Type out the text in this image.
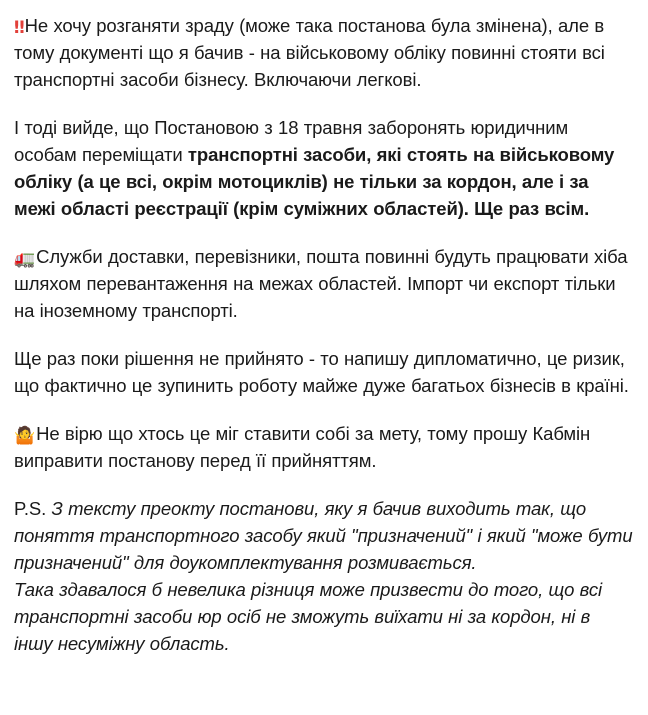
‼Не хочу розганяти зраду (може така постанова була змінена), але в тому документі що я бачив - на військовому обліку повинні стояти всі транспортні засоби бізнесу. Включаючи легкові.

І тоді вийде, що Постановою з 18 травня заборонять юридичним особам переміщати транспортні засоби, які стоять на військовому обліку (а це всі, окрім мотоциклів) не тільки за кордон, але і за межі області реєстрації (крім суміжних областей). Ще раз всім.

🚛Служби доставки, перевізники, пошта повинні будуть працювати хіба шляхом перевантаження на межах областей. Імпорт чи експорт тільки на іноземному транспорті.

Ще раз поки рішення не прийнято - то напишу дипломатично, це ризик, що фактично це зупинить роботу майже дуже багатьох бізнесів в країні.

🤷Не вірю що хтось це міг ставити собі за мету, тому прошу Кабмін виправити постанову перед її прийняттям.

P.S. З тексту преокту постанови, яку я бачив виходить так, що поняття транспортного засобу який "призначений" і який "може бути призначений" для доукомплектування розмивається.
Така здавалося б невелика різниця може призвести до того, що всі транспортні засоби юр осіб не зможуть виїхати ні за кордон, ні в іншу несуміжну область.
